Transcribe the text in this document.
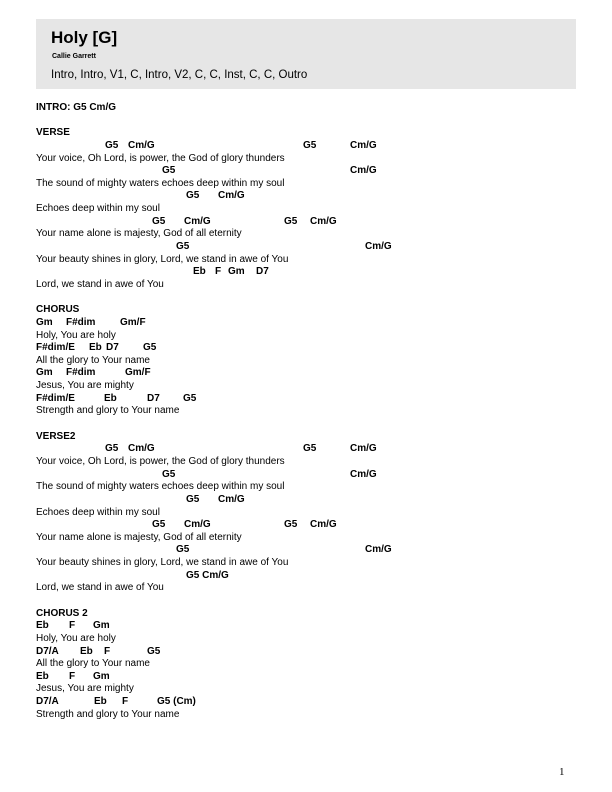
Holy [G]
Callie Garrett
Intro, Intro, V1, C, Intro, V2, C, C, Inst, C, C, Outro
INTRO: G5 Cm/G
VERSE
G5 Cm/G	G5	Cm/G
Your voice, Oh Lord, is power, the God of glory thunders
G5	Cm/G
The sound of mighty waters echoes deep within my soul
G5 Cm/G
Echoes deep within my soul
G5 Cm/G	G5 Cm/G
Your name alone is majesty, God of all eternity
G5	Cm/G
Your beauty shines in glory, Lord, we stand in awe of You
Eb F Gm D7
Lord, we stand in awe of You
CHORUS
Gm F#dim Gm/F
Holy, You are holy
F#dim/E Eb D7 G5
All the glory to Your name
Gm F#dim	Gm/F
Jesus, You are mighty
F#dim/E	Eb	D7 G5
Strength and glory to Your name
VERSE2
G5 Cm/G	G5	Cm/G
Your voice, Oh Lord, is power, the God of glory thunders
G5	Cm/G
The sound of mighty waters echoes deep within my soul
G5 Cm/G
Echoes deep within my soul
G5 Cm/G	G5 Cm/G
Your name alone is majesty, God of all eternity
G5	Cm/G
Your beauty shines in glory, Lord, we stand in awe of You
G5 Cm/G
Lord, we stand in awe of You
CHORUS 2
Eb F Gm
Holy, You are holy
D7/A Eb F	G5
All the glory to Your name
Eb F Gm
Jesus, You are mighty
D7/A	Eb F	G5 (Cm)
Strength and glory to Your name
1
